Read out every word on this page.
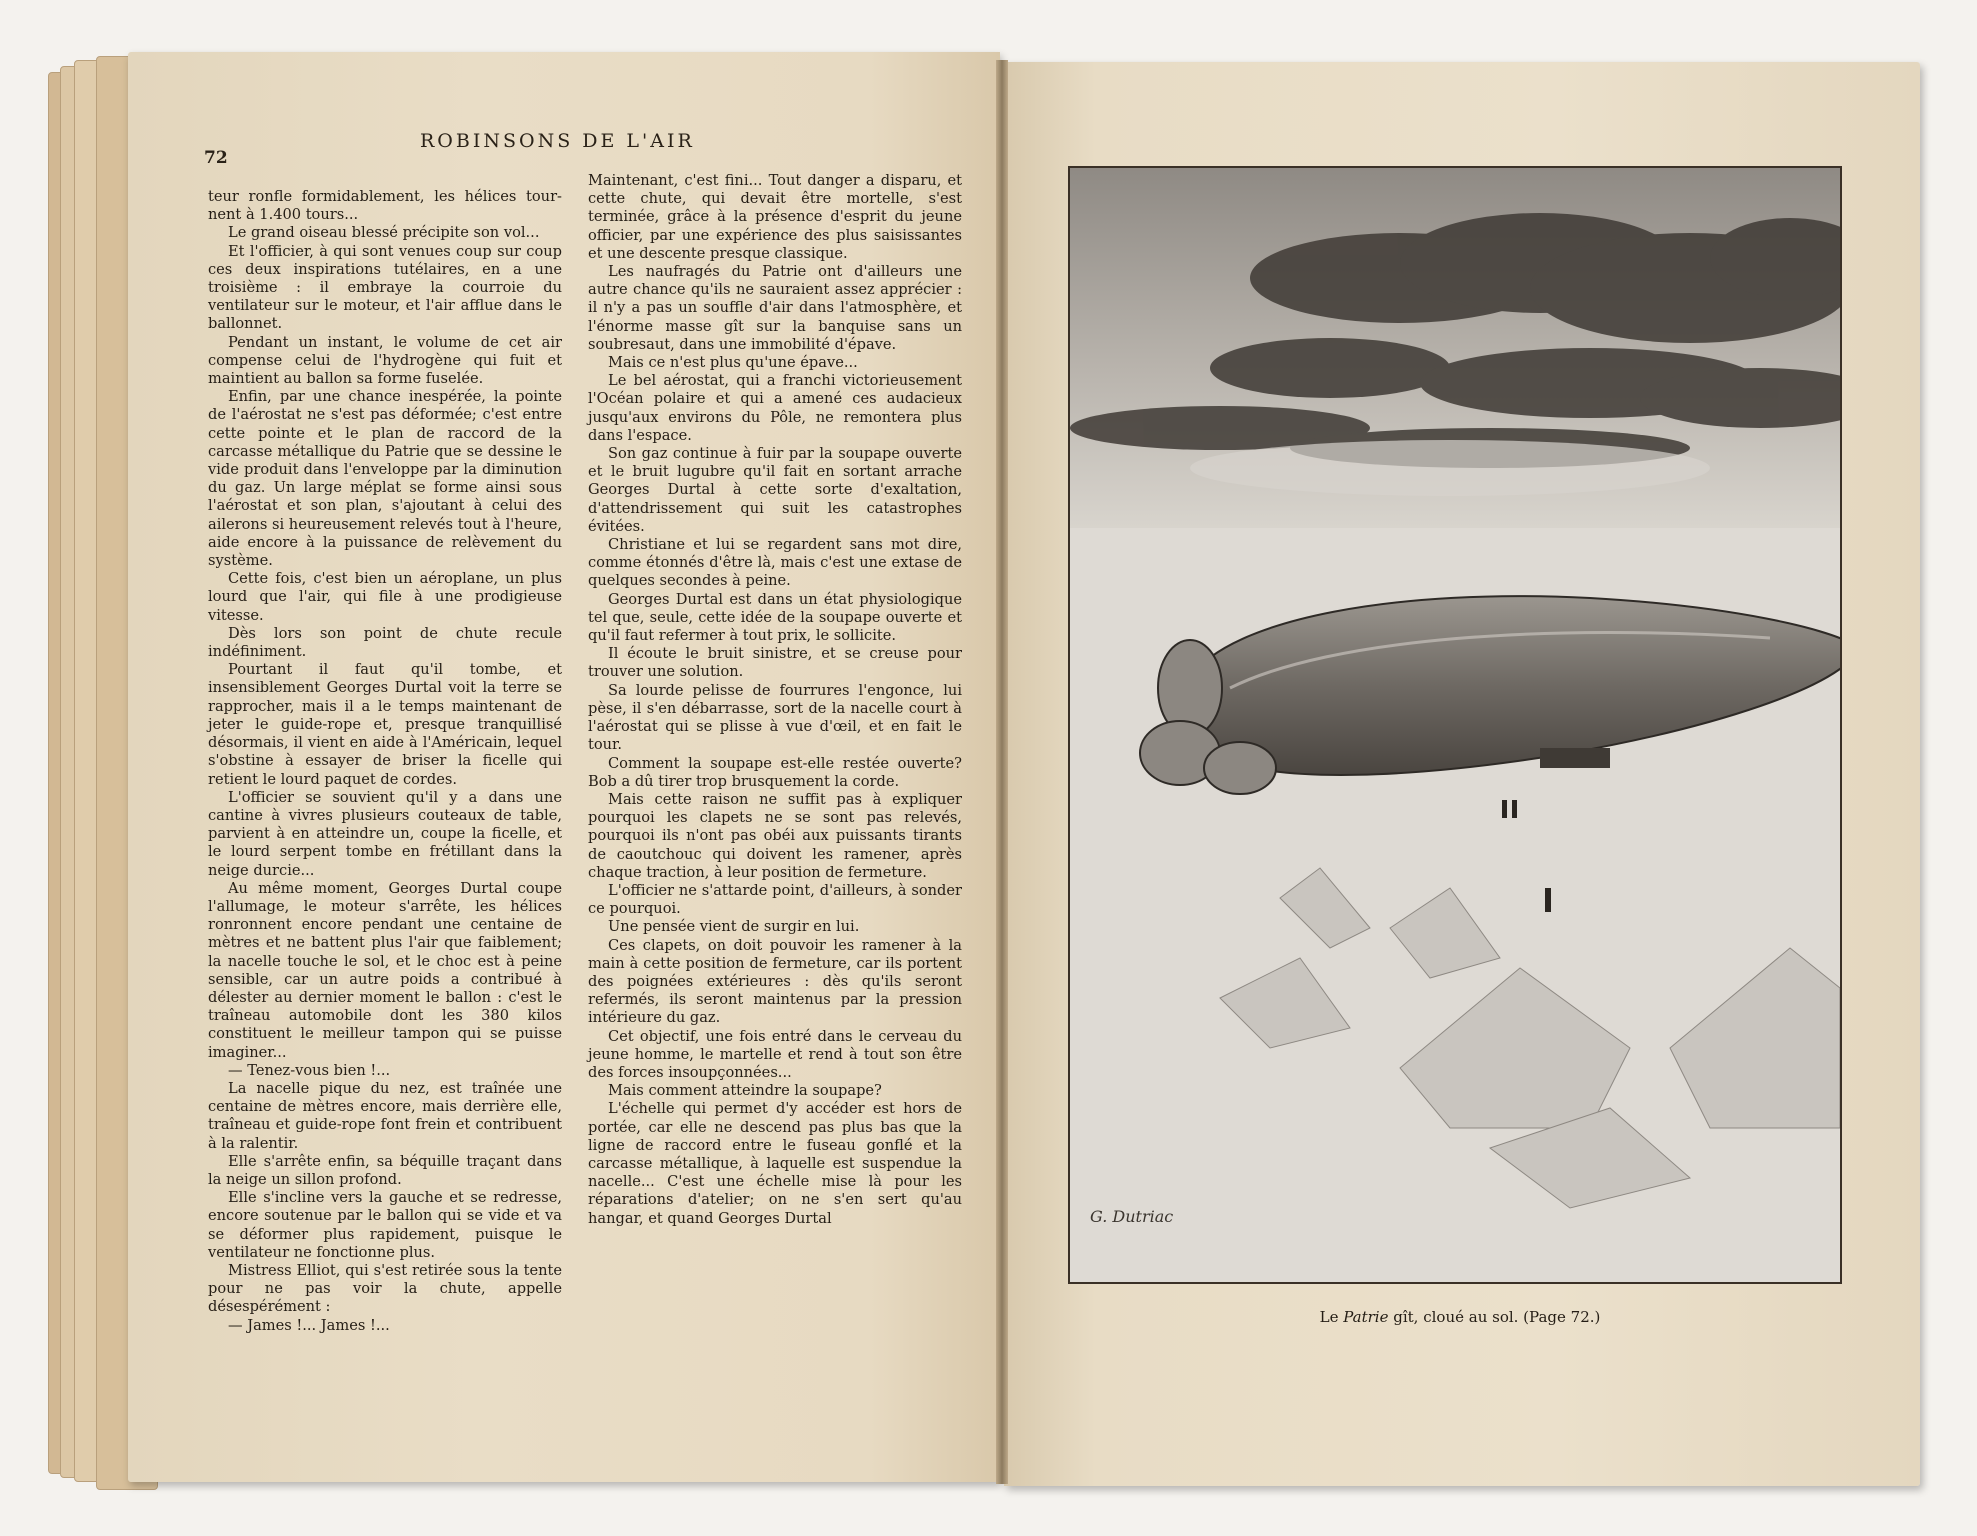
72
ROBINSONS DE L'AIR

teur ronfle formidablement, les hélices tour-nent à 1.400 tours...

Le grand oiseau blessé précipite son vol...

Et l'officier, à qui sont venues coup sur coup ces deux inspirations tutélaires, en a une troisième : il embraye la courroie du ventilateur sur le moteur, et l'air afflue dans le ballonnet.

Pendant un instant, le volume de cet air compense celui de l'hydrogène qui fuit et maintient au ballon sa forme fuselée.

Enfin, par une chance inespérée, la pointe de l'aérostat ne s'est pas déformée; c'est entre cette pointe et le plan de raccord de la carcasse métallique du Patrie que se dessine le vide produit dans l'enveloppe par la diminution du gaz. Un large méplat se forme ainsi sous l'aérostat et son plan, s'ajoutant à celui des ailerons si heureusement relevés tout à l'heure, aide encore à la puissance de relèvement du système.

Cette fois, c'est bien un aéroplane, un plus lourd que l'air, qui file à une prodigieuse vitesse.

Dès lors son point de chute recule indéfiniment.

Pourtant il faut qu'il tombe, et insensiblement Georges Durtal voit la terre se rapprocher, mais il a le temps maintenant de jeter le guide-rope et, presque tranquillisé désormais, il vient en aide à l'Américain, lequel s'obstine à essayer de briser la ficelle qui retient le lourd paquet de cordes.

L'officier se souvient qu'il y a dans une cantine à vivres plusieurs couteaux de table, parvient à en atteindre un, coupe la ficelle, et le lourd serpent tombe en frétillant dans la neige durcie...

Au même moment, Georges Durtal coupe l'allumage, le moteur s'arrête, les hélices ronronnent encore pendant une centaine de mètres et ne battent plus l'air que faiblement; la nacelle touche le sol, et le choc est à peine sensible, car un autre poids a contribué à délester au dernier moment le ballon : c'est le traîneau automobile dont les 380 kilos constituent le meilleur tampon qui se puisse imaginer...

— Tenez-vous bien !...

La nacelle pique du nez, est traînée une centaine de mètres encore, mais derrière elle, traîneau et guide-rope font frein et contribuent à la ralentir.

Elle s'arrête enfin, sa béquille traçant dans la neige un sillon profond.

Elle s'incline vers la gauche et se redresse, encore soutenue par le ballon qui se vide et va se déformer plus rapidement, puisque le ventilateur ne fonctionne plus.

Mistress Elliot, qui s'est retirée sous la tente pour ne pas voir la chute, appelle désespérément :

— James !... James !...

Maintenant, c'est fini... Tout danger a disparu, et cette chute, qui devait être mortelle, s'est terminée, grâce à la présence d'esprit du jeune officier, par une expérience des plus saisissantes et une descente presque classique.

Les naufragés du Patrie ont d'ailleurs une autre chance qu'ils ne sauraient assez apprécier : il n'y a pas un souffle d'air dans l'atmosphère, et l'énorme masse gît sur la banquise sans un soubresaut, dans une immobilité d'épave.

Mais ce n'est plus qu'une épave...

Le bel aérostat, qui a franchi victorieusement l'Océan polaire et qui a amené ces audacieux jusqu'aux environs du Pôle, ne remontera plus dans l'espace.

Son gaz continue à fuir par la soupape ouverte et le bruit lugubre qu'il fait en sortant arrache Georges Durtal à cette sorte d'exaltation, d'attendrissement qui suit les catastrophes évitées.

Christiane et lui se regardent sans mot dire, comme étonnés d'être là, mais c'est une extase de quelques secondes à peine.

Georges Durtal est dans un état physiologique tel que, seule, cette idée de la soupape ouverte et qu'il faut refermer à tout prix, le sollicite.

Il écoute le bruit sinistre, et se creuse pour trouver une solution.

Sa lourde pelisse de fourrures l'engonce, lui pèse, il s'en débarrasse, sort de la nacelle court à l'aérostat qui se plisse à vue d'œil, et en fait le tour.

Comment la soupape est-elle restée ouverte? Bob a dû tirer trop brusquement la corde.

Mais cette raison ne suffit pas à expliquer pourquoi les clapets ne se sont pas relevés, pourquoi ils n'ont pas obéi aux puissants tirants de caoutchouc qui doivent les ramener, après chaque traction, à leur position de fermeture.

L'officier ne s'attarde point, d'ailleurs, à sonder ce pourquoi.

Une pensée vient de surgir en lui.

Ces clapets, on doit pouvoir les ramener à la main à cette position de fermeture, car ils portent des poignées extérieures : dès qu'ils seront refermés, ils seront maintenus par la pression intérieure du gaz.

Cet objectif, une fois entré dans le cerveau du jeune homme, le martelle et rend à tout son être des forces insoupçonnées...

Mais comment atteindre la soupape?

L'échelle qui permet d'y accéder est hors de portée, car elle ne descend pas plus bas que la ligne de raccord entre le fuseau gonflé et la carcasse métallique, à laquelle est suspendue la nacelle... C'est une échelle mise là pour les réparations d'atelier; on ne s'en sert qu'au hangar, et quand Georges Durtal	G. Dutriac
Le Patrie gît, cloué au sol. (Page 72.)
